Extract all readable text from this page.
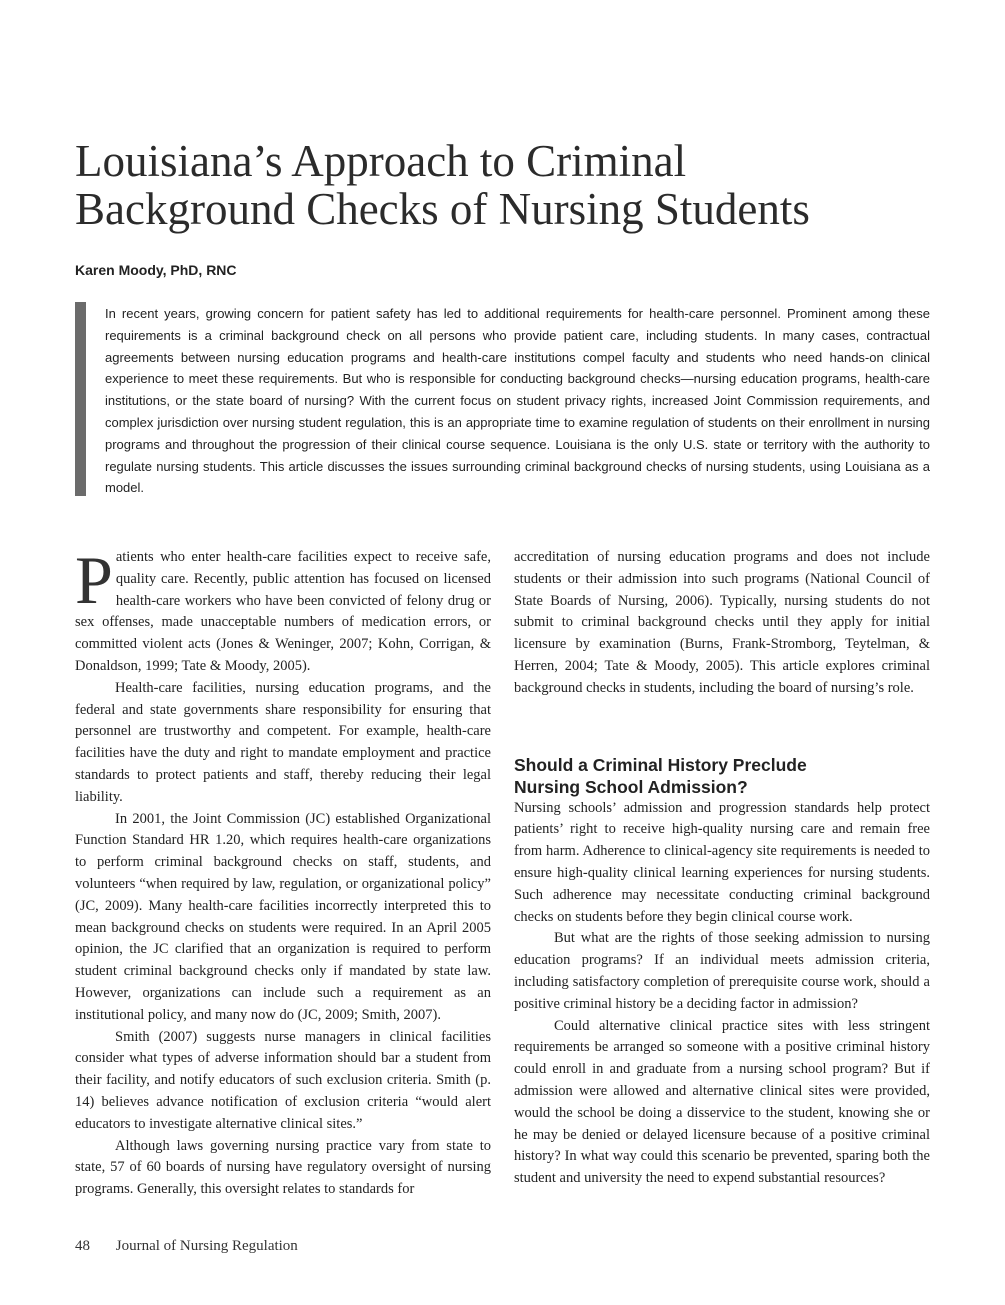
Louisiana’s Approach to Criminal
Background Checks of Nursing Students
Karen Moody, PhD, RNC

In recent years, growing concern for patient safety has led to additional requirements for health-care personnel. Prominent among these requirements is a criminal background check on all persons who provide patient care, including students. In many cases, contractual agreements between nursing education programs and health-care institutions compel faculty and students who need hands-on clinical experience to meet these requirements. But who is responsible for conducting background checks—nursing education programs, health-care institutions, or the state board of nursing? With the current focus on student privacy rights, increased Joint Commission requirements, and complex jurisdiction over nursing student regulation, this is an appropriate time to examine regulation of students on their enrollment in nursing programs and throughout the progression of their clinical course sequence. Louisiana is the only U.S. state or territory with the authority to regulate nursing students. This article discusses the issues surrounding criminal background checks of nursing students, using Louisiana as a model.

Patients who enter health-care facilities expect to receive safe, quality care. Recently, public attention has focused on licensed health-care workers who have been convicted of felony drug or sex offenses, made unacceptable numbers of medication errors, or committed violent acts (Jones & Weninger, 2007; Kohn, Corrigan, & Donaldson, 1999; Tate & Moody, 2005).

Health-care facilities, nursing education programs, and the federal and state governments share responsibility for ensuring that personnel are trustworthy and competent. For example, health-care facilities have the duty and right to mandate employment and practice standards to protect patients and staff, thereby reducing their legal liability.

In 2001, the Joint Commission (JC) established Organizational Function Standard HR 1.20, which requires health-care organizations to perform criminal background checks on staff, students, and volunteers “when required by law, regulation, or organizational policy” (JC, 2009). Many health-care facilities incorrectly interpreted this to mean background checks on students were required. In an April 2005 opinion, the JC clarified that an organization is required to perform student criminal background checks only if mandated by state law. However, organizations can include such a requirement as an institutional policy, and many now do (JC, 2009; Smith, 2007).

Smith (2007) suggests nurse managers in clinical facilities consider what types of adverse information should bar a student from their facility, and notify educators of such exclusion criteria. Smith (p. 14) believes advance notification of exclusion criteria “would alert educators to investigate alternative clinical sites.”

Although laws governing nursing practice vary from state to state, 57 of 60 boards of nursing have regulatory oversight of nursing programs. Generally, this oversight relates to standards for

accreditation of nursing education programs and does not include students or their admission into such programs (National Council of State Boards of Nursing, 2006). Typically, nursing students do not submit to criminal background checks until they apply for initial licensure by examination (Burns, Frank-Stromborg, Teytelman, & Herren, 2004; Tate & Moody, 2005). This article explores criminal background checks in students, including the board of nursing’s role.

Should a Criminal History Preclude
Nursing School Admission?

Nursing schools’ admission and progression standards help protect patients’ right to receive high-quality nursing care and remain free from harm. Adherence to clinical-agency site requirements is needed to ensure high-quality clinical learning experiences for nursing students. Such adherence may necessitate conducting criminal background checks on students before they begin clinical course work.

But what are the rights of those seeking admission to nursing education programs? If an individual meets admission criteria, including satisfactory completion of prerequisite course work, should a positive criminal history be a deciding factor in admission?

Could alternative clinical practice sites with less stringent requirements be arranged so someone with a positive criminal history could enroll in and graduate from a nursing school program? But if admission were allowed and alternative clinical sites were provided, would the school be doing a disservice to the student, knowing she or he may be denied or delayed licensure because of a positive criminal history? In what way could this scenario be prevented, sparing both the student and university the need to expend substantial resources?

48 Journal of Nursing Regulation
